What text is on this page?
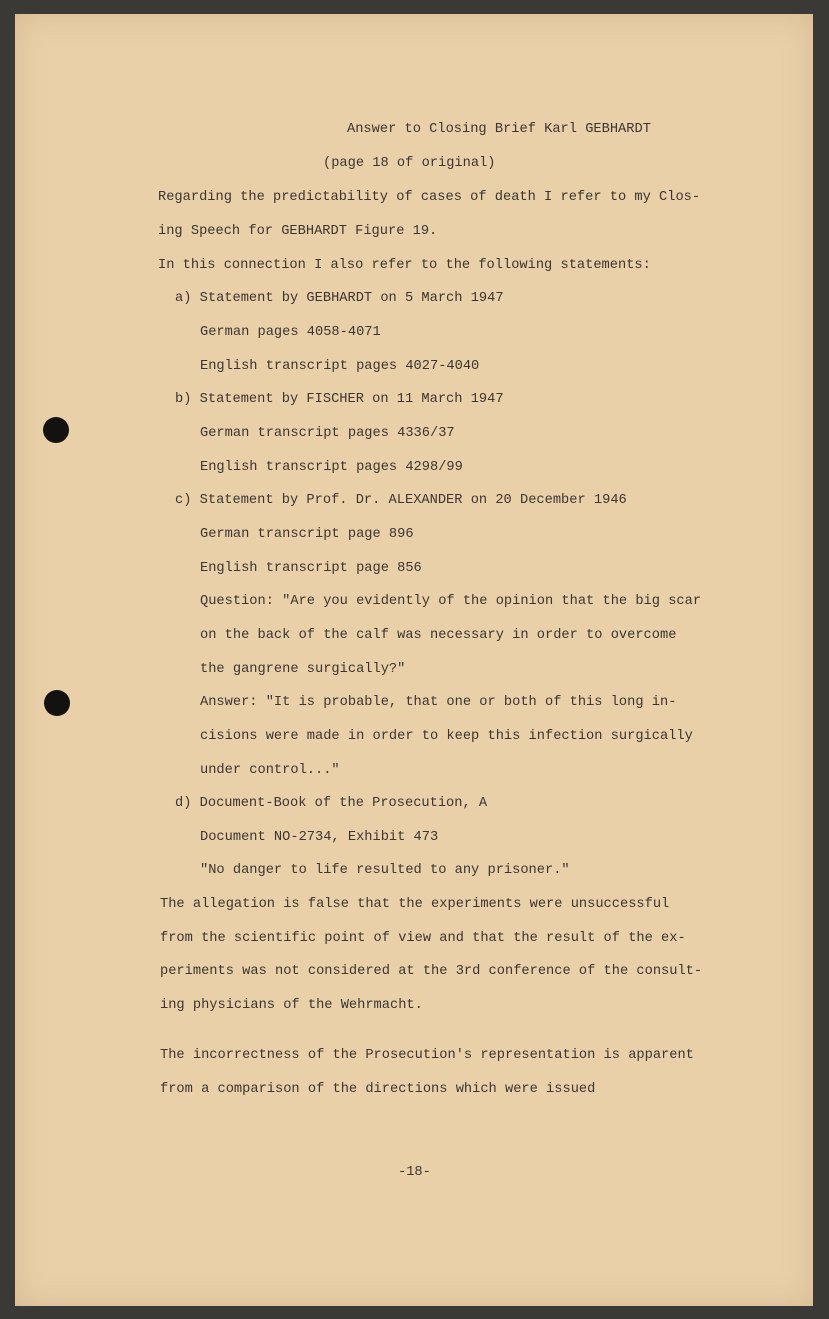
Answer to Closing Brief Karl GEBHARDT
(page 18 of original)
Regarding the predictability of cases of death I refer to my Clos-
ing Speech for GEBHARDT Figure 19.
In this connection I also refer to the following statements:
a) Statement by GEBHARDT on 5 March 1947
German pages 4058-4071
English transcript pages 4027-4040
b) Statement by FISCHER on 11 March 1947
German transcript pages 4336/37
English transcript pages 4298/99
c) Statement by Prof. Dr. ALEXANDER on 20 December 1946
German transcript page 896
English transcript page 856
Question: "Are you evidently of the opinion that the big scar
on the back of the calf was necessary in order to overcome
the gangrene surgically?"
Answer: "It is probable, that one or both of this long in-
cisions were made in order to keep this infection surgically
under control..."
d) Document-Book of the Prosecution, A
Document NO-2734, Exhibit 473
"No danger to life resulted to any prisoner."
The allegation is false that the experiments were unsuccessful
from the scientific point of view and that the result of the ex-
periments was not considered at the 3rd conference of the consult-
ing physicians of the Wehrmacht.
The incorrectness of the Prosecution's representation is apparent
from a comparison of the directions which were issued
-18-
